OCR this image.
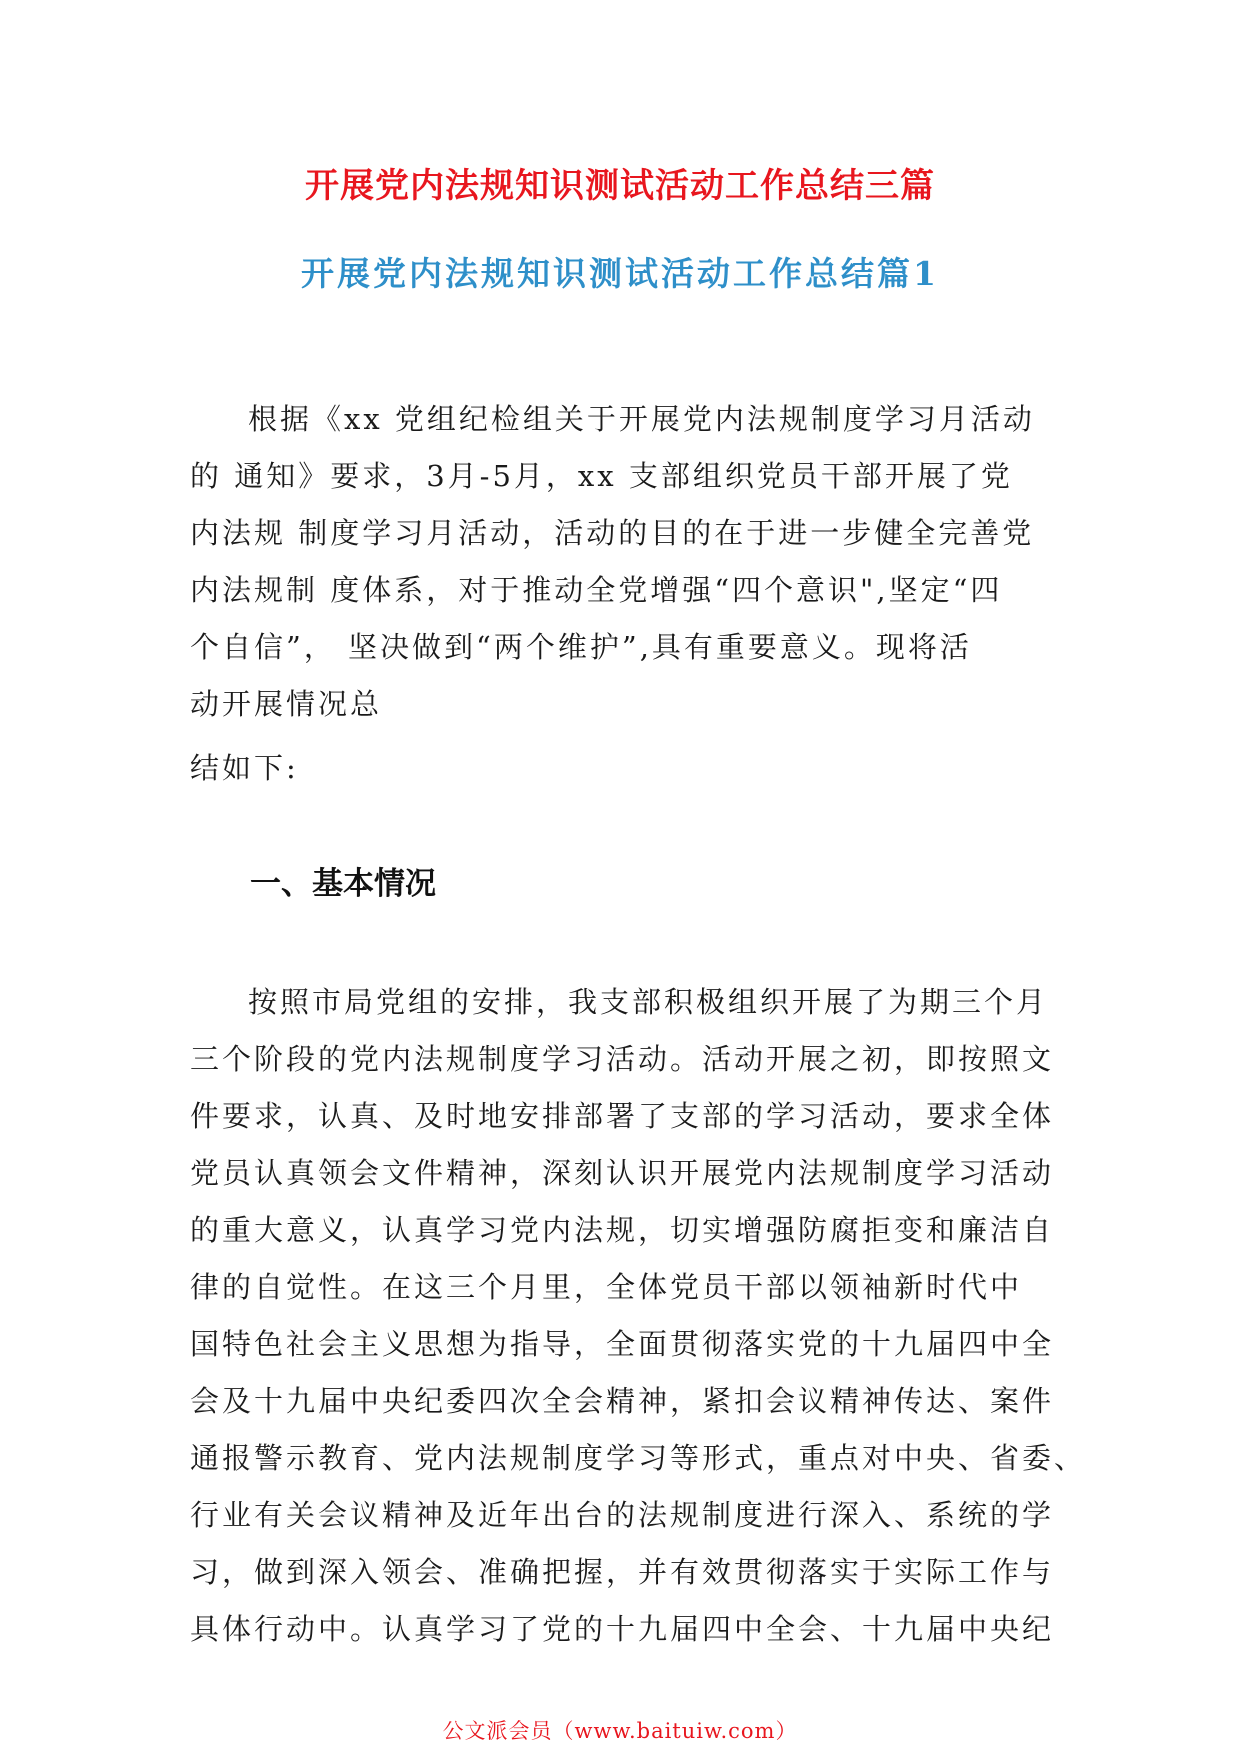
开展党内法规知识测试活动工作总结三篇
开展党内法规知识测试活动工作总结篇1
根据《xx 党组纪检组关于开展党内法规制度学习月活动
的 通知》要求，3月-5月，xx 支部组织党员干部开展了党
内法规 制度学习月活动，活动的目的在于进一步健全完善党
内法规制 度体系，对于推动全党增强“四个意识",坚定“四
个自信”， 坚决做到“两个维护”,具有重要意义。现将活
动开展情况总
结如下:
一、基本情况
按照市局党组的安排，我支部积极组织开展了为期三个月
三个阶段的党内法规制度学习活动。活动开展之初，即按照文
件要求，认真、及时地安排部署了支部的学习活动，要求全体
党员认真领会文件精神，深刻认识开展党内法规制度学习活动
的重大意义，认真学习党内法规，切实增强防腐拒变和廉洁自
律的自觉性。在这三个月里，全体党员干部以领袖新时代中
国特色社会主义思想为指导，全面贯彻落实党的十九届四中全
会及十九届中央纪委四次全会精神，紧扣会议精神传达、案件
通报警示教育、党内法规制度学习等形式，重点对中央、省委、
行业有关会议精神及近年出台的法规制度进行深入、系统的学
习，做到深入领会、准确把握，并有效贯彻落实于实际工作与
具体行动中。认真学习了党的十九届四中全会、十九届中央纪
公文派会员（www.baituiw.com）
